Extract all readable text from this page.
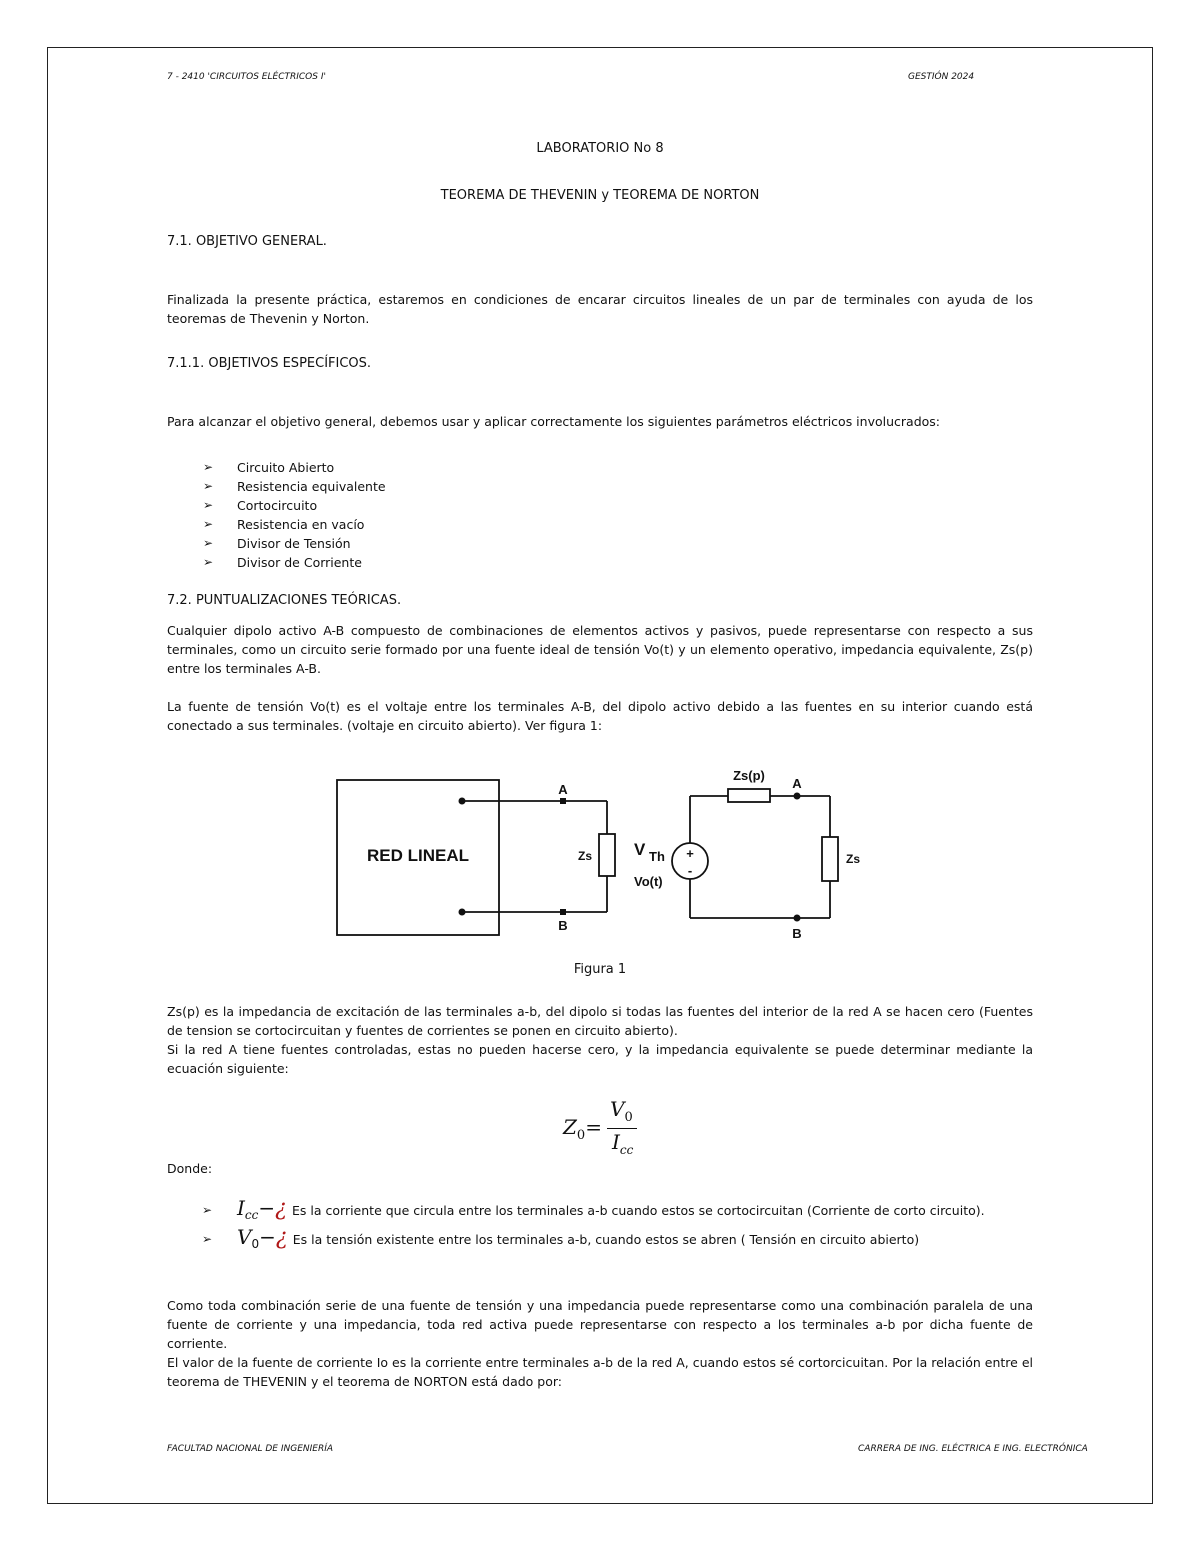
7 - 2410 'CIRCUITOS ELÉCTRICOS I'	GESTIÓN 2024
LABORATORIO No 8
TEOREMA DE THEVENIN y TEOREMA DE NORTON
7.1. OBJETIVO GENERAL.
Finalizada la presente práctica, estaremos en condiciones de encarar circuitos lineales de un par de terminales con ayuda de los teoremas de Thevenin y Norton.
7.1.1. OBJETIVOS ESPECÍFICOS.
Para alcanzar el objetivo general, debemos usar y aplicar correctamente los siguientes parámetros eléctricos involucrados:
➢ Circuito Abierto
➢ Resistencia equivalente
➢ Cortocircuito
➢ Resistencia en vacío
➢ Divisor de Tensión
➢ Divisor de Corriente
7.2. PUNTUALIZACIONES TEÓRICAS.
Cualquier dipolo activo A-B compuesto de combinaciones de elementos activos y pasivos, puede representarse con respecto a sus terminales, como un circuito serie formado por una fuente ideal de tensión Vo(t) y un elemento operativo, impedancia equivalente, Zs(p) entre los terminales A-B.
La fuente de tensión Vo(t) es el voltaje entre los terminales A-B, del dipolo activo debido a las fuentes en su interior cuando está conectado a sus terminales. (voltaje en circuito abierto). Ver figura 1:
RED LINEAL
A
B
Zs
Zs(p)
A
B
Zs
V Th
Vo(t)
+
-
Figura 1
Zs(p) es la impedancia de excitación de las terminales a-b, del dipolo si todas las fuentes del interior de la red A se hacen cero (Fuentes de tension se cortocircuitan y fuentes de corrientes se ponen en circuito abierto).
Si la red A tiene fuentes controladas, estas no pueden hacerse cero, y la impedancia equivalente se puede determinar mediante la ecuación siguiente:
$Z_0=$
$V_0$
$I_{cc}$
Donde:
➢ $I_{cc}-¿$ Es la corriente que circula entre los terminales a-b cuando estos se cortocircuitan (Corriente de corto circuito).
➢ $V_0-¿$ Es la tensión existente entre los terminales a-b, cuando estos se abren ( Tensión en circuito abierto)
Como toda combinación serie de una fuente de tensión y una impedancia puede representarse como una combinación paralela de una fuente de corriente y una impedancia, toda red activa puede representarse con respecto a los terminales a-b por dicha fuente de corriente.
El valor de la fuente de corriente Io es la corriente entre terminales a-b de la red A, cuando estos sé cortorcicuitan. Por la relación entre el teorema de THEVENIN y el teorema de NORTON está dado por:
FACULTAD NACIONAL DE INGENIERÍA	CARRERA DE ING. ELÉCTRICA E ING. ELECTRÓNICA
